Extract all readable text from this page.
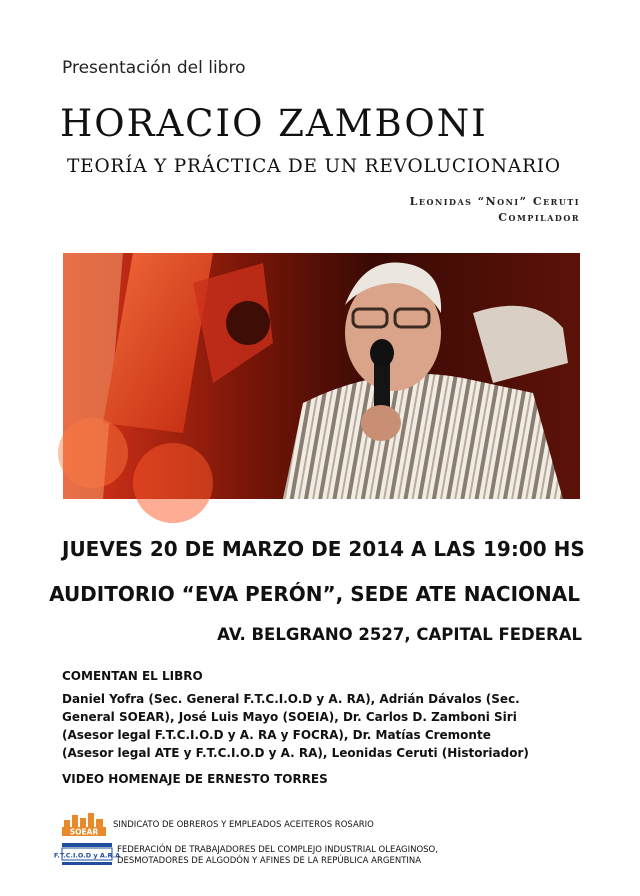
Presentación del libro
HORACIO ZAMBONI
TEORÍA Y PRÁCTICA DE UN REVOLUCIONARIO
Leonidas “Noni” Ceruti
Compilador
JUEVES 20 DE MARZO DE 2014 A LAS 19:00 HS
AUDITORIO “EVA PERÓN”, SEDE ATE NACIONAL
AV. BELGRANO 2527, CAPITAL FEDERAL
COMENTAN EL LIBRO
Daniel Yofra (Sec. General F.T.C.I.O.D y A. RA), Adrián Dávalos (Sec. General SOEAR), José Luis Mayo (SOEIA), Dr. Carlos D. Zamboni Siri (Asesor legal F.T.C.I.O.D y A. RA y FOCRA), Dr. Matías Cremonte (Asesor legal ATE y F.T.C.I.O.D y A. RA), Leonidas Ceruti (Historiador)
VIDEO HOMENAJE DE ERNESTO TORRES
SOEAR
SINDICATO DE OBREROS Y EMPLEADOS ACEITEROS ROSARIO
F.T.C.I.O.D y A.R.A
FEDERACIÓN DE TRABAJADORES DEL COMPLEJO INDUSTRIAL OLEAGINOSO, DESMOTADORES DE ALGODÓN Y AFINES DE LA REPÚBLICA ARGENTINA
